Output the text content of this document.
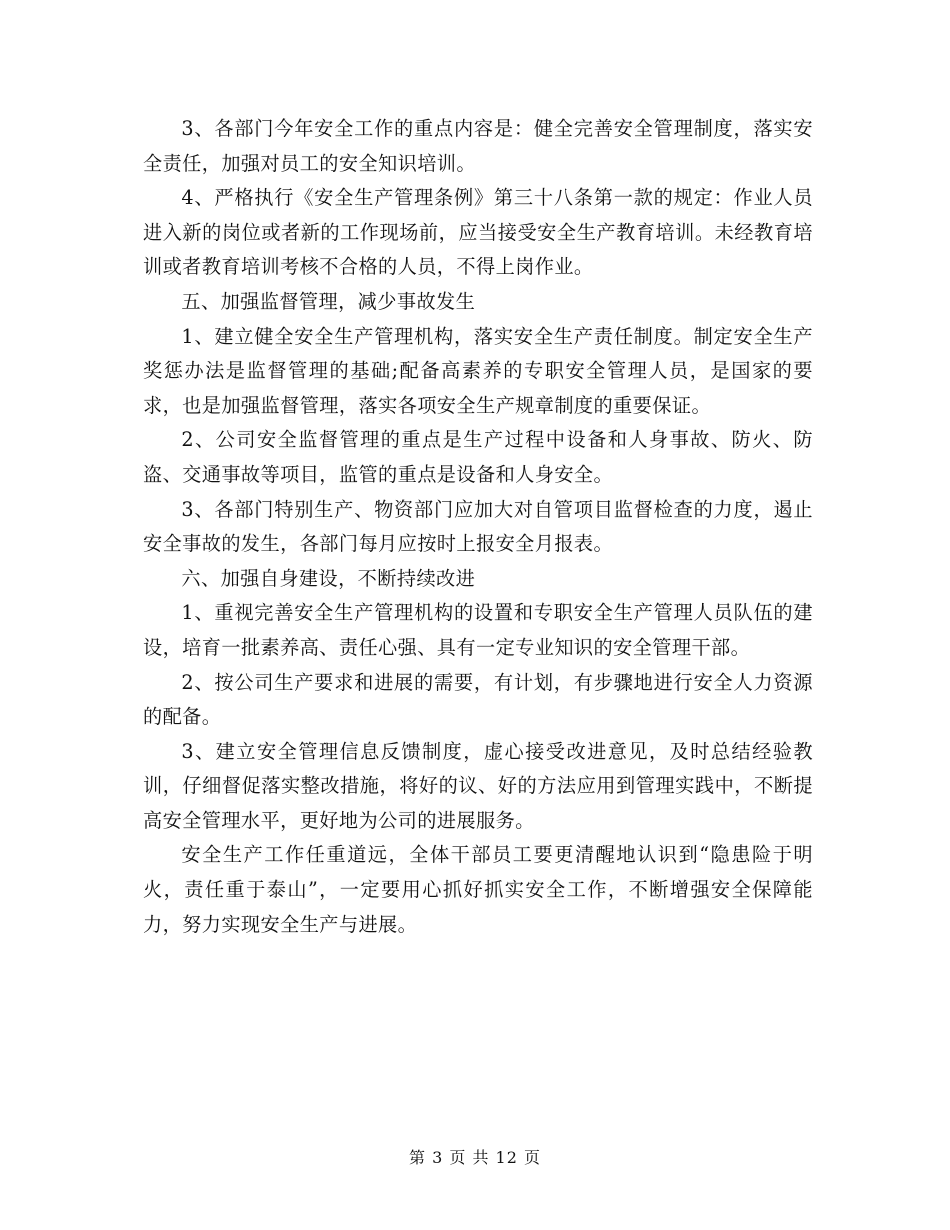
3、各部门今年安全工作的重点内容是：健全完善安全管理制度，落实安全责任，加强对员工的安全知识培训。

4、严格执行《安全生产管理条例》第三十八条第一款的规定：作业人员进入新的岗位或者新的工作现场前，应当接受安全生产教育培训。未经教育培训或者教育培训考核不合格的人员，不得上岗作业。

五、加强监督管理，减少事故发生

1、建立健全安全生产管理机构，落实安全生产责任制度。制定安全生产奖惩办法是监督管理的基础;配备高素养的专职安全管理人员，是国家的要求，也是加强监督管理，落实各项安全生产规章制度的重要保证。

2、公司安全监督管理的重点是生产过程中设备和人身事故、防火、防盗、交通事故等项目，监管的重点是设备和人身安全。

3、各部门特别生产、物资部门应加大对自管项目监督检查的力度，遏止安全事故的发生，各部门每月应按时上报安全月报表。

六、加强自身建设，不断持续改进

1、重视完善安全生产管理机构的设置和专职安全生产管理人员队伍的建设，培育一批素养高、责任心强、具有一定专业知识的安全管理干部。

2、按公司生产要求和进展的需要，有计划，有步骤地进行安全人力资源的配备。

3、建立安全管理信息反馈制度，虚心接受改进意见，及时总结经验教训，仔细督促落实整改措施，将好的议、好的方法应用到管理实践中，不断提高安全管理水平，更好地为公司的进展服务。

安全生产工作任重道远，全体干部员工要更清醒地认识到“隐患险于明火，责任重于泰山”，一定要用心抓好抓实安全工作，不断增强安全保障能力，努力实现安全生产与进展。

第 3 页 共 12 页
